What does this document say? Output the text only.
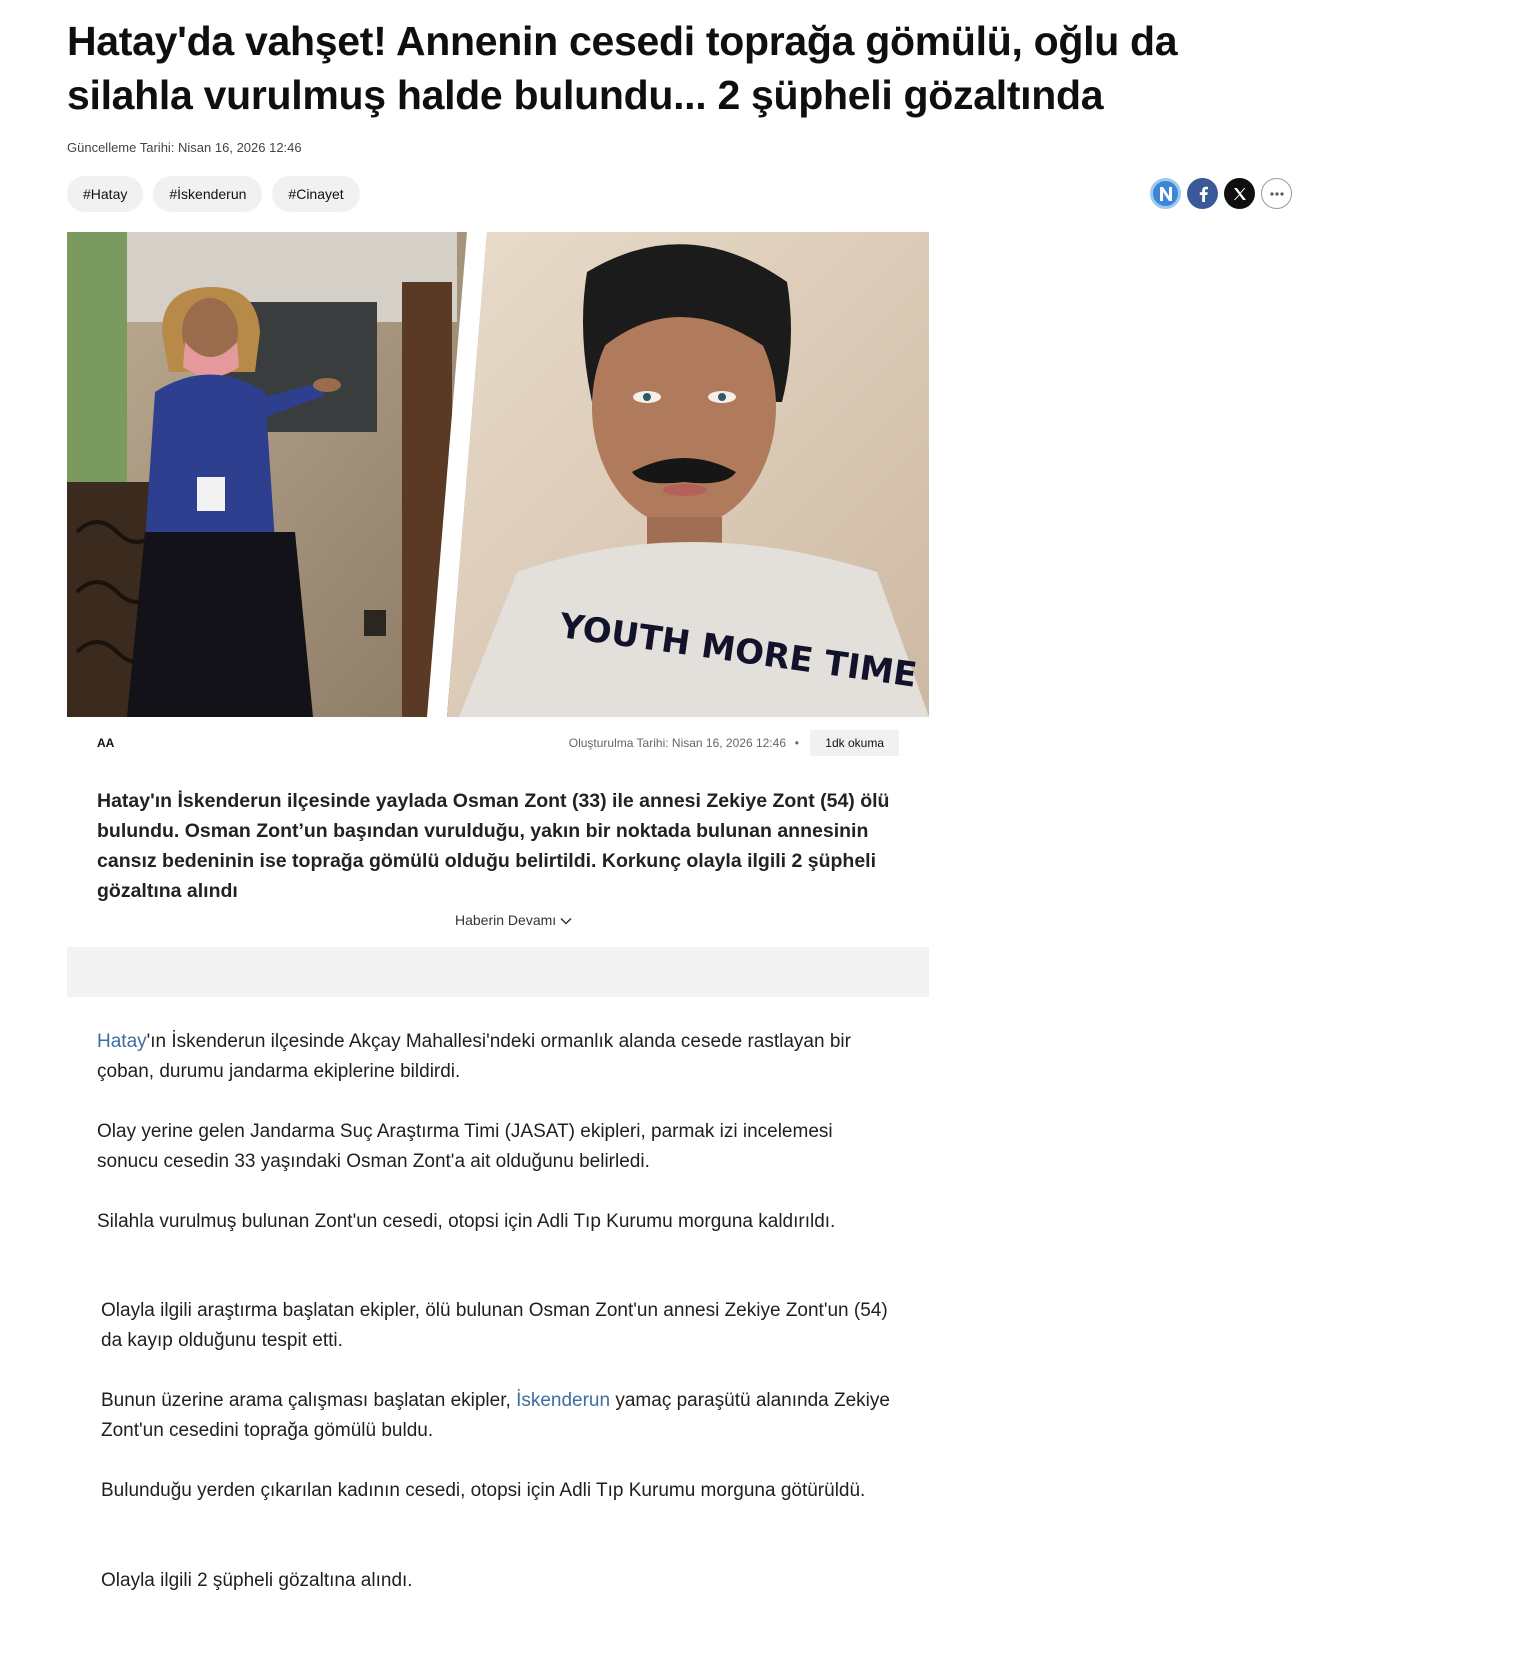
Hatay'da vahşet! Annenin cesedi toprağa gömülü, oğlu da silahla vurulmuş halde bulundu... 2 şüpheli gözaltında
Güncelleme Tarihi: Nisan 16, 2026 12:46
#Hatay	#İskenderun	#Cinayet
YOUTH MORE TIME
AA	Oluşturulma Tarihi: Nisan 16, 2026 12:46 •	1dk okuma

Hatay'ın İskenderun ilçesinde yaylada Osman Zont (33) ile annesi Zekiye Zont (54) ölü bulundu. Osman Zont’un başından vurulduğu, yakın bir noktada bulunan annesinin cansız bedeninin ise toprağa gömülü olduğu belirtildi. Korkunç olayla ilgili 2 şüpheli gözaltına alındı

Haberin Devamı

Hatay'ın İskenderun ilçesinde Akçay Mahallesi'ndeki ormanlık alanda cesede rastlayan bir çoban, durumu jandarma ekiplerine bildirdi.

Olay yerine gelen Jandarma Suç Araştırma Timi (JASAT) ekipleri, parmak izi incelemesi sonucu cesedin 33 yaşındaki Osman Zont'a ait olduğunu belirledi.

Silahla vurulmuş bulunan Zont'un cesedi, otopsi için Adli Tıp Kurumu morguna kaldırıldı.

Olayla ilgili araştırma başlatan ekipler, ölü bulunan Osman Zont'un annesi Zekiye Zont'un (54) da kayıp olduğunu tespit etti.

Bunun üzerine arama çalışması başlatan ekipler, İskenderun yamaç paraşütü alanında Zekiye Zont'un cesedini toprağa gömülü buldu.

Bulunduğu yerden çıkarılan kadının cesedi, otopsi için Adli Tıp Kurumu morguna götürüldü.

Olayla ilgili 2 şüpheli gözaltına alındı.
